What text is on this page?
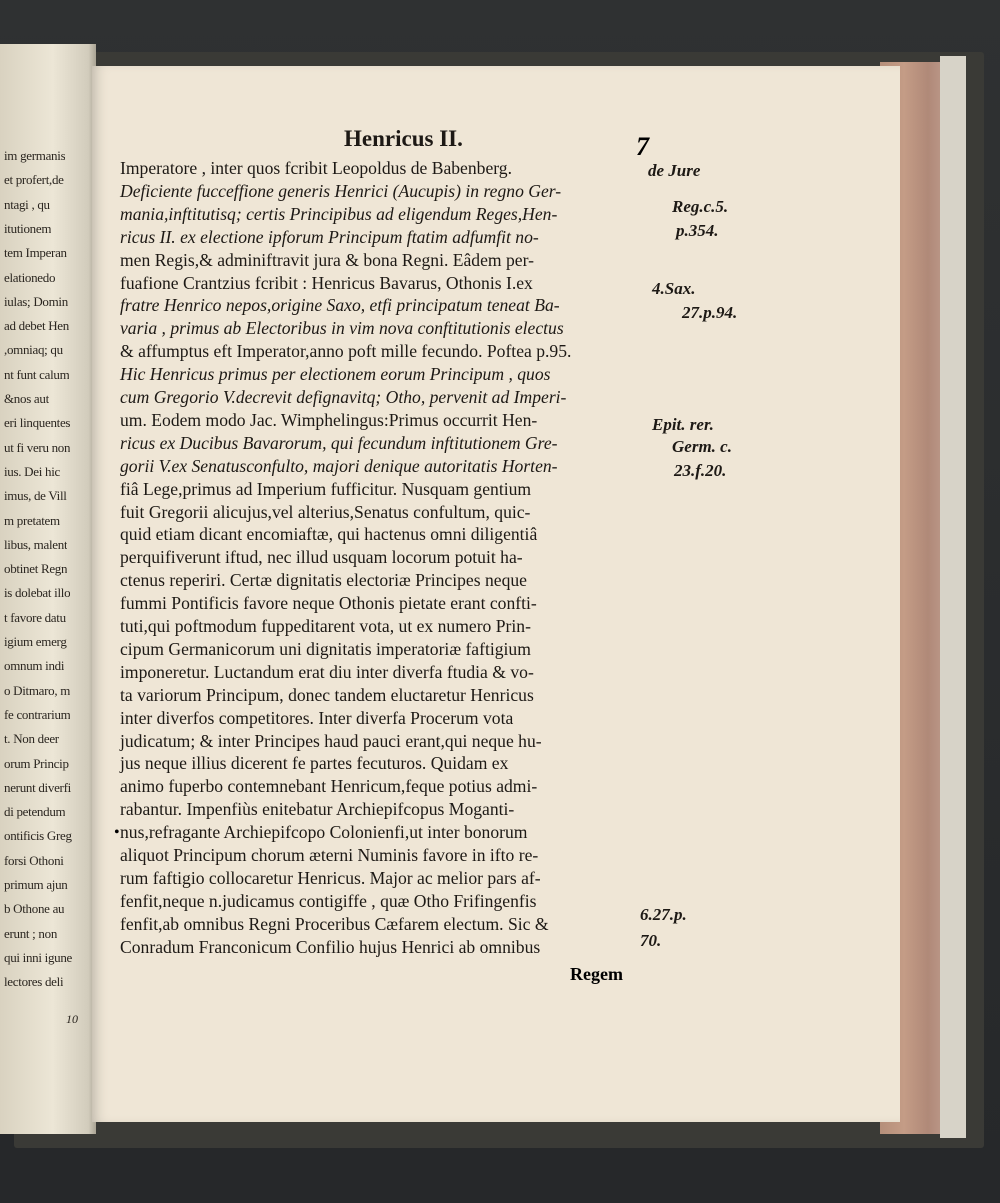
10
im germanis
et profert,de
ntagi , qu
itutionem
tem Imperan
elationedo
iulas; Domin
ad debet Hen
,omniaq; qu
nt funt calum
&nos aut
eri linquentes
ut fi veru non
ius. Dei hic
imus, de Vill
m pretatem
libus, malent
obtinet Regn
is dolebat illo
t favore datu
igium emerg
omnum indi
o Ditmaro, m
fe contrarium
t. Non deer
orum Princip
nerunt diverfi
di petendum
ontificis Greg
forsi Othoni
primum ajun
b Othone au
erunt ; non
qui inni igune
lectores deli
Henricus II.	7
Imperatore , inter quos fcribit Leopoldus de Babenberg.
Deficiente fucceffione generis Henrici (Aucupis) in regno Ger-
mania,inftitutisq; certis Principibus ad eligendum Reges,Hen-
ricus II. ex electione ipforum Principum ftatim adfumfit no-
men Regis,& adminiftravit jura & bona Regni. Eâdem per-
fuafione Crantzius fcribit : Henricus Bavarus, Othonis I.ex
fratre Henrico nepos,origine Saxo, etfi principatum teneat Ba-
varia , primus ab Electoribus in vim nova conftitutionis electus
& affumptus eft Imperator,anno poft mille fecundo. Poftea p.95.
Hic Henricus primus per electionem eorum Principum , quos
cum Gregorio V.decrevit defignavitq; Otho, pervenit ad Imperi-
um. Eodem modo Jac. Wimphelingus:Primus occurrit Hen-
ricus ex Ducibus Bavarorum, qui fecundum inftitutionem Gre-
gorii V.ex Senatusconfulto, majori denique autoritatis Horten-
fiâ Lege,primus ad Imperium fufficitur. Nusquam gentium
fuit Gregorii alicujus,vel alterius,Senatus confultum, quic-
quid etiam dicant encomiaftæ, qui hactenus omni diligentiâ
perquifiverunt iftud, nec illud usquam locorum potuit ha-
ctenus reperiri. Certæ dignitatis electoriæ Principes neque
fummi Pontificis favore neque Othonis pietate erant confti-
tuti,qui poftmodum fuppeditarent vota, ut ex numero Prin-
cipum Germanicorum uni dignitatis imperatoriæ faftigium
imponeretur. Luctandum erat diu inter diverfa ftudia & vo-
ta variorum Principum, donec tandem eluctaretur Henricus
inter diverfos competitores. Inter diverfa Procerum vota
judicatum; & inter Principes haud pauci erant,qui neque hu-
jus neque illius dicerent fe partes fecuturos. Quidam ex
animo fuperbo contemnebant Henricum,feque potius admi-
rabantur. Impenfiùs enitebatur Archiepifcopus Moganti-
nus,refragante Archiepifcopo Colonienfi,ut inter bonorum
aliquot Principum chorum æterni Numinis favore in ifto re-
rum faftigio collocaretur Henricus. Major ac melior pars af-
fenfit,neque n.judicamus contigiffe , quæ Otho Frifingenfis
fenfit,ab omnibus Regni Proceribus Cæfarem electum. Sic &
Conradum Franconicum Confilio hujus Henrici ab omnibus
de Jure
Reg.c.5.
p.354.
4.Sax.
27.p.94.
Epit. rer.
Germ. c.
23.f.20.
6.27.p.
70.
•
Regem
